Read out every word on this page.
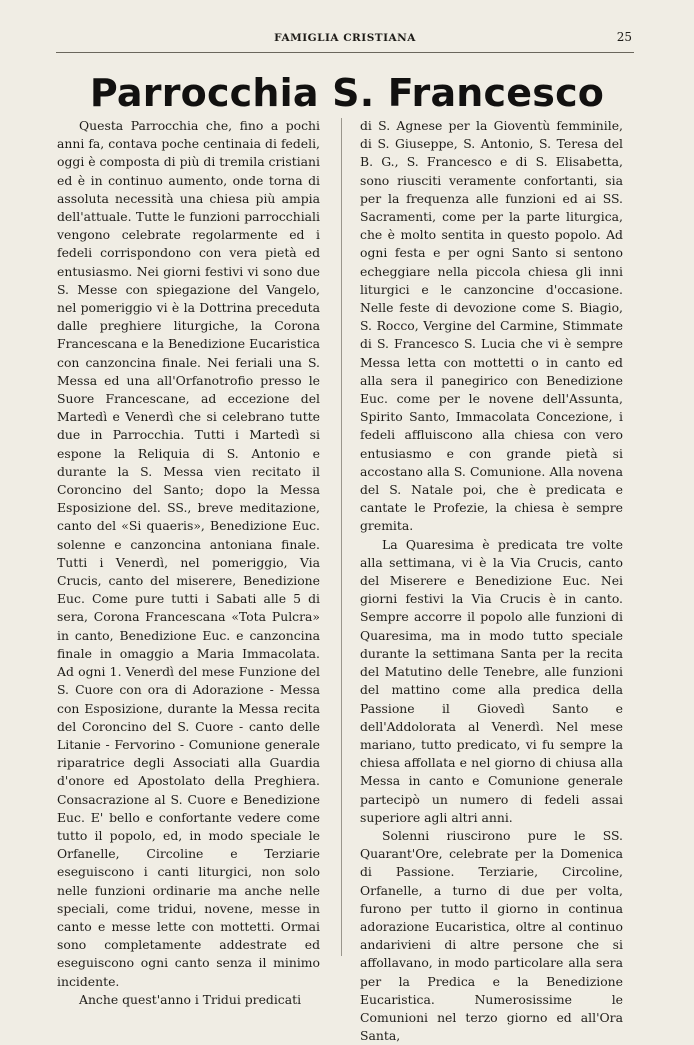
FAMIGLIA CRISTIANA	25
Parrocchia S. Francesco

Questa Parrocchia che, fino a pochi anni fa, contava poche centinaia di fedeli, oggi è composta di più di tremila cristiani ed è in continuo aumento, onde torna di assoluta necessità una chiesa più ampia dell'attuale. Tutte le funzioni parrocchiali vengono celebrate regolarmente ed i fedeli corrispondono con vera pietà ed entusiasmo. Nei giorni festivi vi sono due S. Messe con spiegazione del Vangelo, nel pomeriggio vi è la Dottrina preceduta dalle preghiere liturgiche, la Corona Francescana e la Benedizione Eucaristica con canzoncina finale. Nei feriali una S. Messa ed una all'Orfanotrofio presso le Suore Francescane, ad eccezione del Martedì e Venerdì che si celebrano tutte due in Parrocchia. Tutti i Martedì si espone la Reliquia di S. Antonio e durante la S. Messa vien recitato il Coroncino del Santo; dopo la Messa Esposizione del. SS., breve meditazione, canto del «Si quaeris», Benedizione Euc. solenne e canzoncina antoniana finale. Tutti i Venerdì, nel pomeriggio, Via Crucis, canto del miserere, Benedizione Euc. Come pure tutti i Sabati alle 5 di sera, Corona Francescana «Tota Pulcra» in canto, Benedizione Euc. e canzoncina finale in omaggio a Maria Immacolata. Ad ogni 1. Venerdì del mese Funzione del S. Cuore con ora di Adorazione - Messa con Esposizione, durante la Messa recita del Coroncino del S. Cuore - canto delle Litanie - Fervorino - Comunione generale riparatrice degli Associati alla Guardia d'onore ed Apostolato della Preghiera. Consacrazione al S. Cuore e Benedizione Euc. E' bello e confortante vedere come tutto il popolo, ed, in modo speciale le Orfanelle, Circoline e Terziarie eseguiscono i canti liturgici, non solo nelle funzioni ordinarie ma anche nelle speciali, come tridui, novene, messe in canto e messe lette con mottetti. Ormai sono completamente addestrate ed eseguiscono ogni canto senza il minimo incidente.

Anche quest'anno i Tridui predicati

di S. Agnese per la Gioventù femminile, di S. Giuseppe, S. Antonio, S. Teresa del B. G., S. Francesco e di S. Elisabetta, sono riusciti veramente confortanti, sia per la frequenza alle funzioni ed ai SS. Sacramenti, come per la parte liturgica, che è molto sentita in questo popolo. Ad ogni festa e per ogni Santo si sentono echeggiare nella piccola chiesa gli inni liturgici e le canzoncine d'occasione. Nelle feste di devozione come S. Biagio, S. Rocco, Vergine del Carmine, Stimmate di S. Francesco S. Lucia che vi è sempre Messa letta con mottetti o in canto ed alla sera il panegirico con Benedizione Euc. come per le novene dell'Assunta, Spirito Santo, Immacolata Concezione, i fedeli affluiscono alla chiesa con vero entusiasmo e con grande pietà si accostano alla S. Comunione. Alla novena del S. Natale poi, che è predicata e cantate le Profezie, la chiesa è sempre gremita.

La Quaresima è predicata tre volte alla settimana, vi è la Via Crucis, canto del Miserere e Benedizione Euc. Nei giorni festivi la Via Crucis è in canto. Sempre accorre il popolo alle funzioni di Quaresima, ma in modo tutto speciale durante la settimana Santa per la recita del Matutino delle Tenebre, alle funzioni del mattino come alla predica della Passione il Giovedì Santo e dell'Addolorata al Venerdì. Nel mese mariano, tutto predicato, vi fu sempre la chiesa affollata e nel giorno di chiusa alla Messa in canto e Comunione generale partecipò un numero di fedeli assai superiore agli altri anni.

Solenni riuscirono pure le SS. Quarant'Ore, celebrate per la Domenica di Passione. Terziarie, Circoline, Orfanelle, a turno di due per volta, furono per tutto il giorno in continua adorazione Eucaristica, oltre al continuo andarivieni di altre persone che si affollavano, in modo particolare alla sera per la Predica e la Benedizione Eucaristica. Numerosissime le Comunioni nel terzo giorno ed all'Ora Santa,
